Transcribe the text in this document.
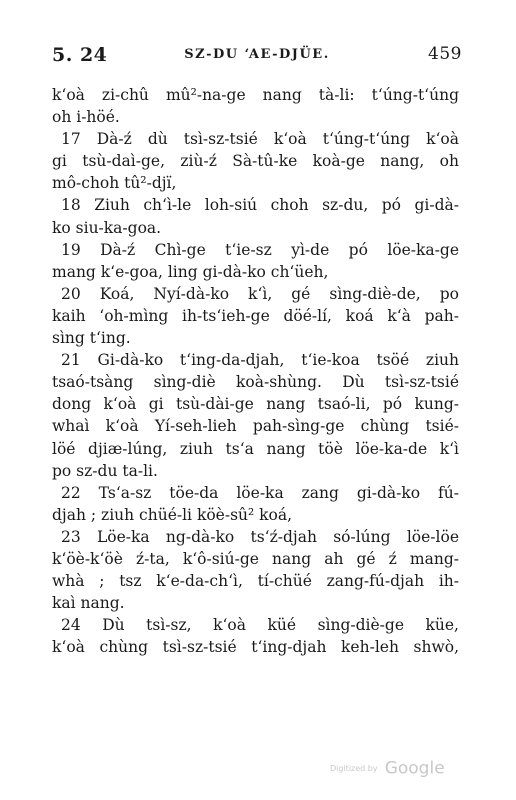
5. 24	SZ-DU ‘AE-DJÜE.	459
k‘oà zi-chû mû²-na-ge nang tà-li: t‘úng-t‘úng
oh i-höé.
17 Dà-ź dù tsì-sz-tsié k‘oà t‘úng-t‘úng k‘oà
gi tsù-daì-ge, ziù-ź Sà-tû-ke koà-ge nang, oh
mô-choh tû²-djï,
18 Ziuh ch‘ì-le loh-siú choh sz-du, pó gi-dà-
ko siu-ka-goa.
19 Dà-ź Chì-ge t‘ie-sz yì-de pó löe-ka-ge
mang k‘e-goa, ling gi-dà-ko ch‘üeh,
20 Koá, Nyí-dà-ko k‘ì, gé sìng-diè-de, po
kaih ‘oh-mìng ih-ts‘ieh-ge döé-lí, koá k‘à pah-
sìng t‘ing.
21 Gi-dà-ko t‘ing-da-djah, t‘ie-koa tsöé ziuh
tsaó-tsàng sìng-diè koà-shùng. Dù tsì-sz-tsié
dong k‘oà gi tsù-dài-ge nang tsaó-li, pó kung-
whaì k‘oà Yí-seh-lieh pah-sìng-ge chùng tsié-
löé djiæ-lúng, ziuh ts‘a nang töè löe-ka-de k‘ì
po sz-du ta-li.
22 Ts‘a-sz töe-da löe-ka zang gi-dà-ko fú-
djah ; ziuh chüé-li köè-sû² koá,
23 Löe-ka ng-dà-ko ts‘ź-djah só-lúng löe-löe
k‘öè-k‘öè ź-ta, k‘ô-siú-ge nang ah gé ź mang-
whà ; tsz k‘e-da-ch‘ì, tí-chüé zang-fú-djah ih-
kaì nang.
24 Dù tsì-sz, k‘oà küé sìng-diè-ge küe,
k‘oà chùng tsì-sz-tsié t‘ing-djah keh-leh shwò,
Digitized by Google
